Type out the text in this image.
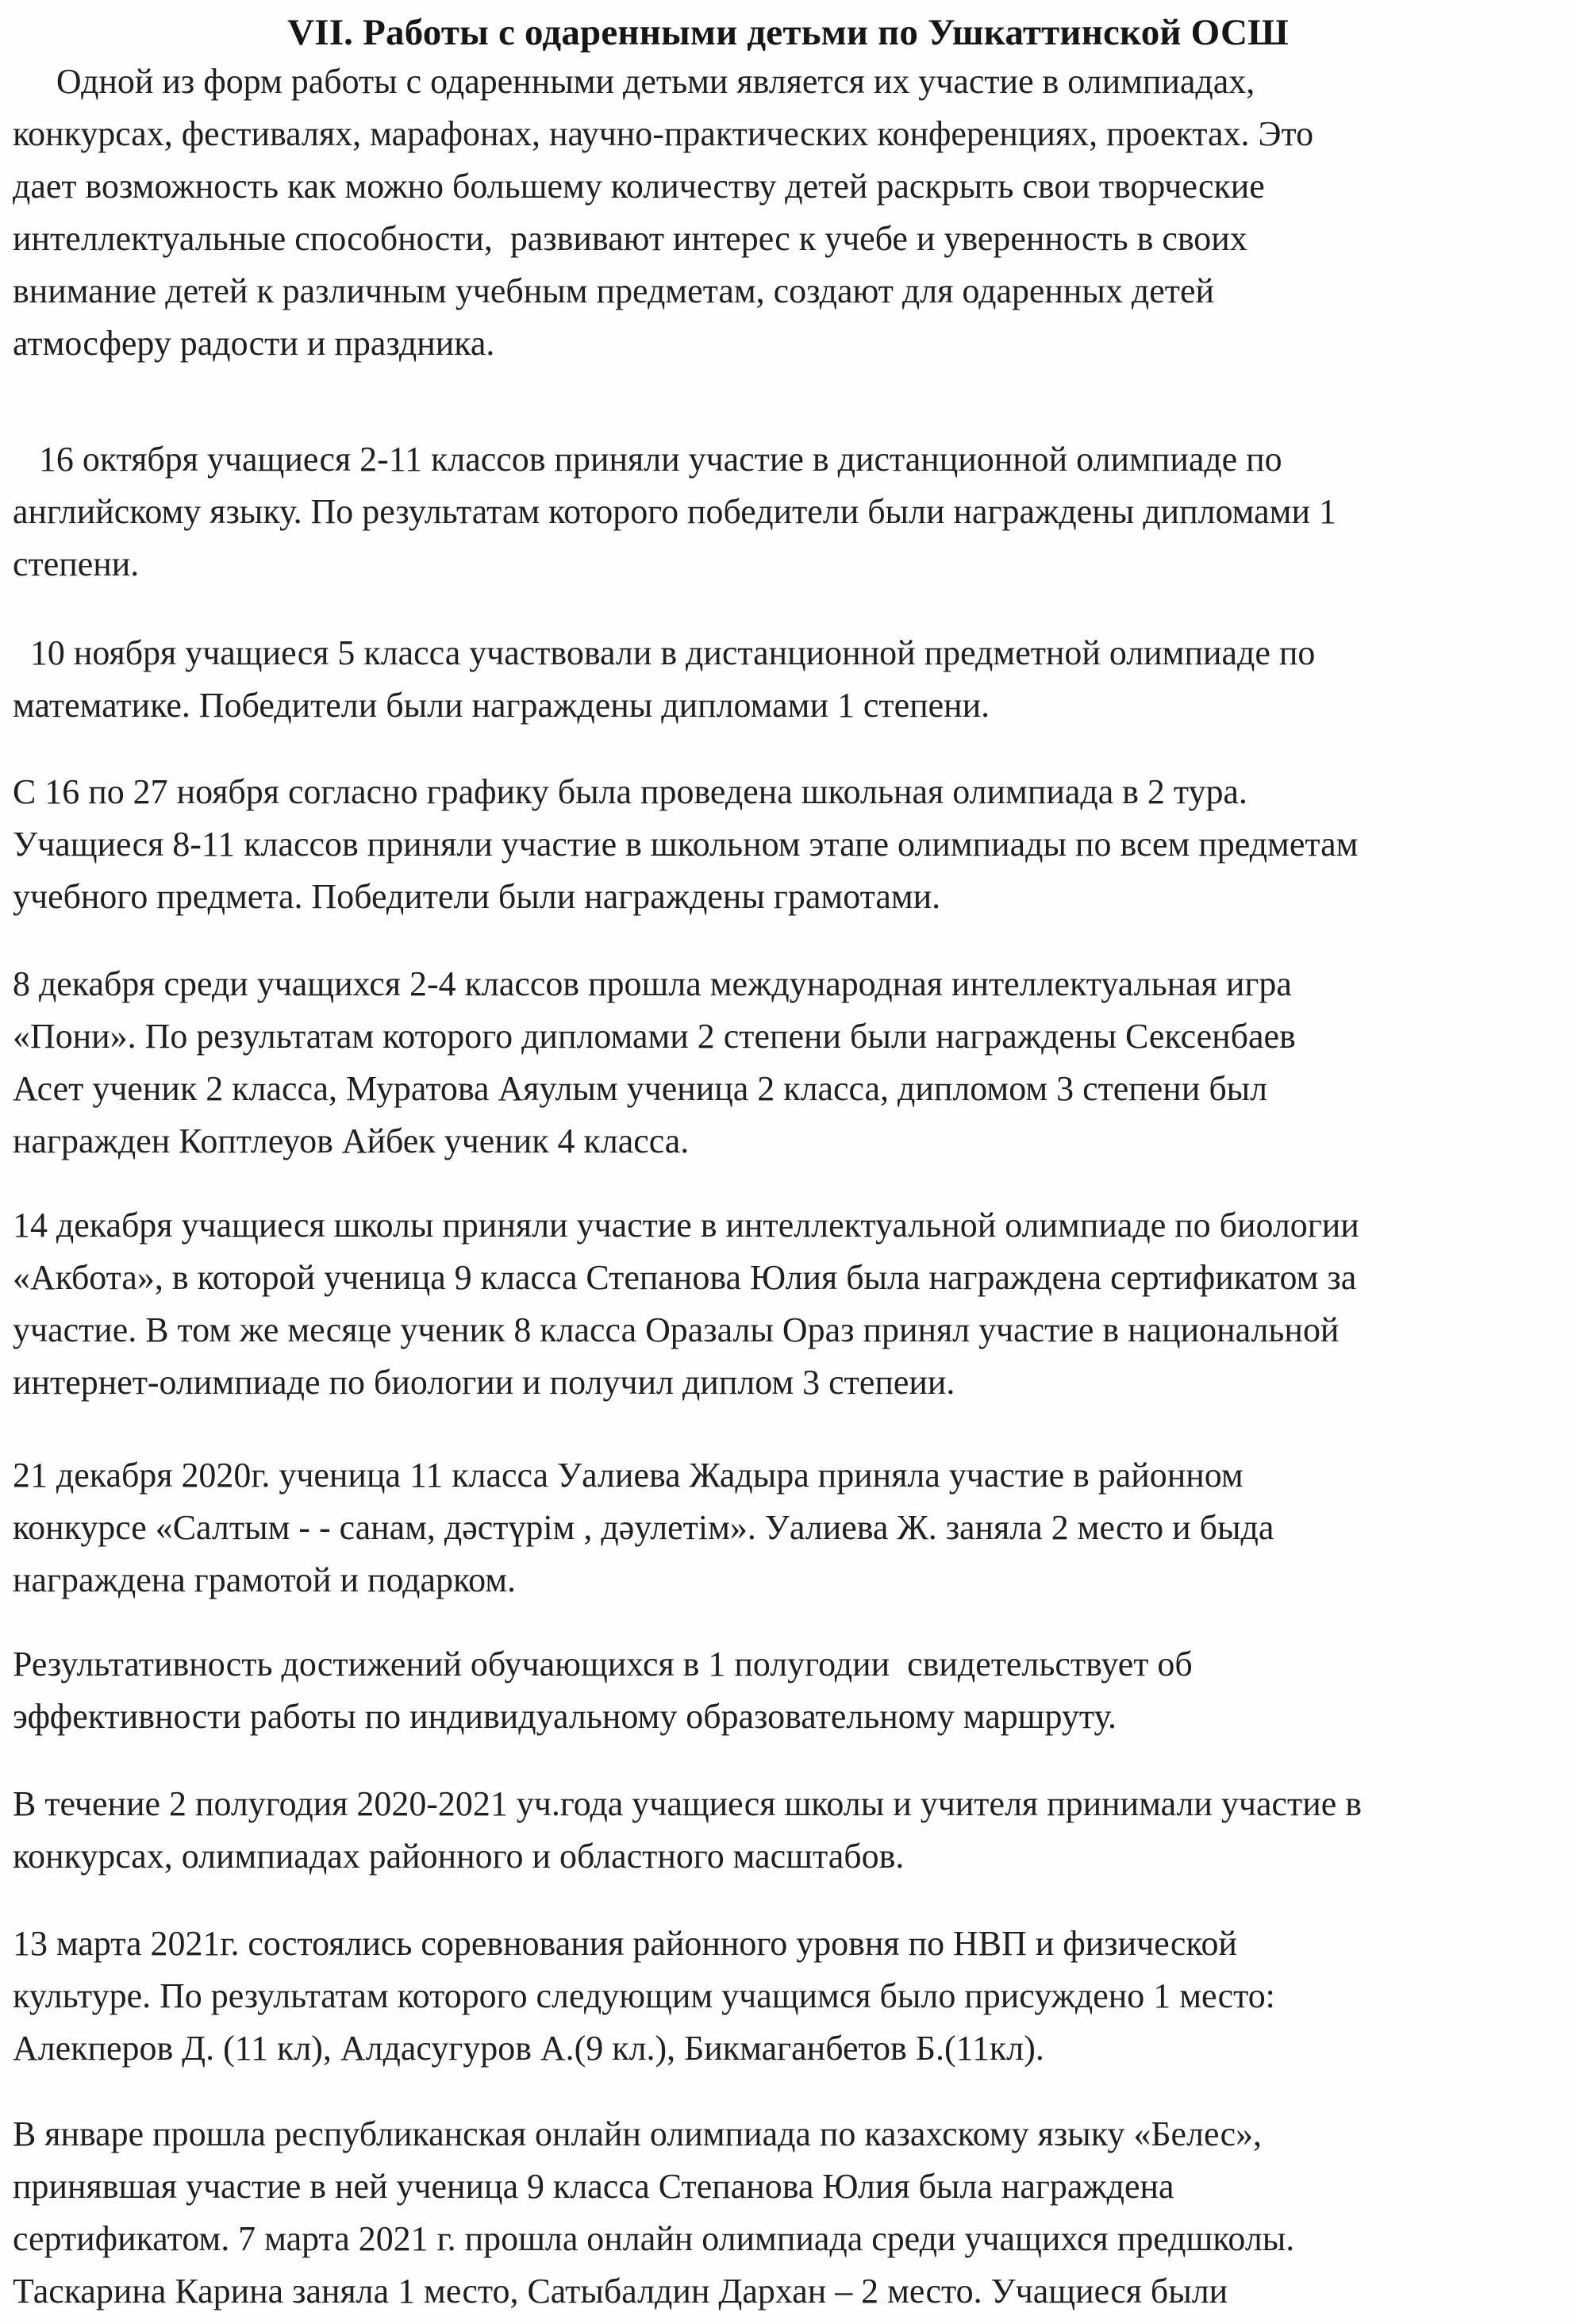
VII. Работы с одаренными детьми по Ушкаттинской ОСШ
Одной из форм работы с одаренными детьми является их участие в олимпиадах,
конкурсах, фестивалях, марафонах, научно-практических конференциях, проектах. Это
дает возможность как можно большему количеству детей раскрыть свои творческие
интеллектуальные способности,  развивают интерес к учебе и уверенность в своих
внимание детей к различным учебным предметам, создают для одаренных детей
атмосферу радости и праздника.
16 октября учащиеся 2-11 классов приняли участие в дистанционной олимпиаде по
английскому языку. По результатам которого победители были награждены дипломами 1
степени.
10 ноября учащиеся 5 класса участвовали в дистанционной предметной олимпиаде по
математике. Победители были награждены дипломами 1 степени.
С 16 по 27 ноября согласно графику была проведена школьная олимпиада в 2 тура.
Учащиеся 8-11 классов приняли участие в школьном этапе олимпиады по всем предметам
учебного предмета. Победители были награждены грамотами.
8 декабря среди учащихся 2-4 классов прошла международная интеллектуальная игра
«Пони». По результатам которого дипломами 2 степени были награждены Сексенбаев
Асет ученик 2 класса, Муратова Аяулым ученица 2 класса, дипломом 3 степени был
награжден Коптлеуов Айбек ученик 4 класса.
14 декабря учащиеся школы приняли участие в интеллектуальной олимпиаде по биологии
«Акбота», в которой ученица 9 класса Степанова Юлия была награждена сертификатом за
участие. В том же месяце ученик 8 класса Оразалы Ораз принял участие в национальной
интернет-олимпиаде по биологии и получил диплом 3 степеии.
21 декабря 2020г. ученица 11 класса Уалиева Жадыра приняла участие в районном
конкурсе «Салтым - - санам, дәстүрім , дәулетім». Уалиева Ж. заняла 2 место и быда
награждена грамотой и подарком.
Результативность достижений обучающихся в 1 полугодии  свидетельствует об
эффективности работы по индивидуальному образовательному маршруту.
В течение 2 полугодия 2020-2021 уч.года учащиеся школы и учителя принимали участие в
конкурсах, олимпиадах районного и областного масштабов.
13 марта 2021г. состоялись соревнования районного уровня по НВП и физической
культуре. По результатам которого следующим учащимся было присуждено 1 место:
Алекперов Д. (11 кл), Алдасугуров А.(9 кл.), Бикмаганбетов Б.(11кл).
В январе прошла республиканская онлайн олимпиада по казахскому языку «Белес»,
принявшая участие в ней ученица 9 класса Степанова Юлия была награждена
сертификатом. 7 марта 2021 г. прошла онлайн олимпиада среди учащихся предшколы.
Таскарина Карина заняла 1 место, Сатыбалдин Дархан – 2 место. Учащиеся были
